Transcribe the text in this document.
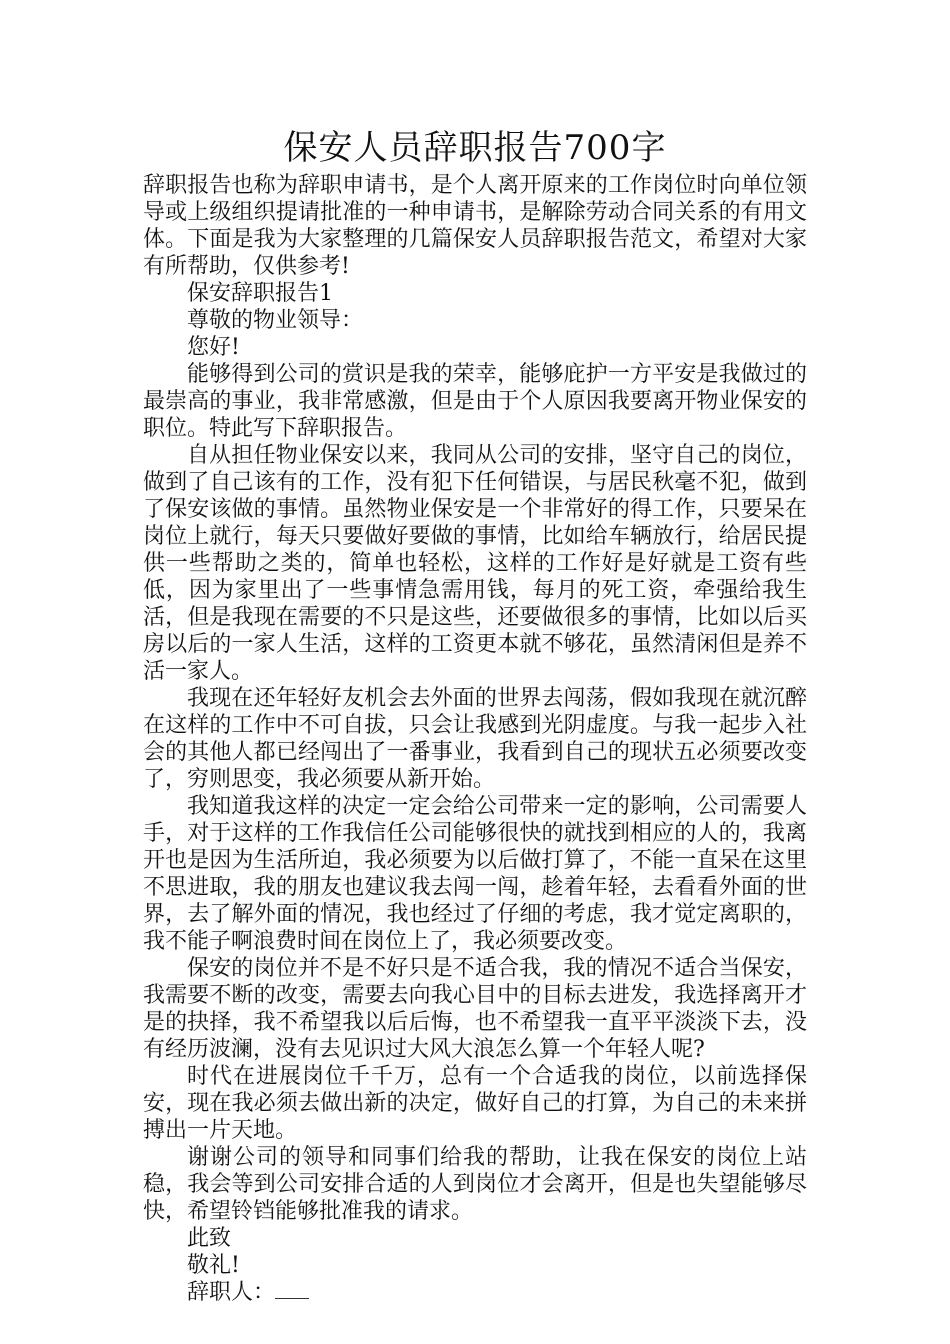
保安人员辞职报告700字

辞职报告也称为辞职申请书，是个人离开原来的工作岗位时向单位领导或上级组织提请批准的一种申请书，是解除劳动合同关系的有用文体。下面是我为大家整理的几篇保安人员辞职报告范文，希望对大家有所帮助，仅供参考!

保安辞职报告1

尊敬的物业领导：

您好!

能够得到公司的赏识是我的荣幸，能够庇护一方平安是我做过的最崇高的事业，我非常感激，但是由于个人原因我要离开物业保安的职位。特此写下辞职报告。

自从担任物业保安以来，我同从公司的安排，坚守自己的岗位，做到了自己该有的工作，没有犯下任何错误，与居民秋毫不犯，做到了保安该做的事情。虽然物业保安是一个非常好的得工作，只要呆在岗位上就行，每天只要做好要做的事情，比如给车辆放行，给居民提供一些帮助之类的，简单也轻松，这样的工作好是好就是工资有些低，因为家里出了一些事情急需用钱，每月的死工资，牵强给我生活，但是我现在需要的不只是这些，还要做很多的事情，比如以后买房以后的一家人生活，这样的工资更本就不够花，虽然清闲但是养不活一家人。

我现在还年轻好友机会去外面的世界去闯荡，假如我现在就沉醉在这样的工作中不可自拔，只会让我感到光阴虚度。与我一起步入社会的其他人都已经闯出了一番事业，我看到自己的现状五必须要改变了，穷则思变，我必须要从新开始。

我知道我这样的决定一定会给公司带来一定的影响，公司需要人手，对于这样的工作我信任公司能够很快的就找到相应的人的，我离开也是因为生活所迫，我必须要为以后做打算了，不能一直呆在这里不思进取，我的朋友也建议我去闯一闯，趁着年轻，去看看外面的世界，去了解外面的情况，我也经过了仔细的考虑，我才觉定离职的，我不能子啊浪费时间在岗位上了，我必须要改变。

保安的岗位并不是不好只是不适合我，我的情况不适合当保安，我需要不断的改变，需要去向我心目中的目标去进发，我选择离开才是的抉择，我不希望我以后后悔，也不希望我一直平平淡淡下去，没有经历波澜，没有去见识过大风大浪怎么算一个年轻人呢?

时代在进展岗位千千万，总有一个合适我的岗位，以前选择保安，现在我必须去做出新的决定，做好自己的打算，为自己的未来拼搏出一片天地。

谢谢公司的领导和同事们给我的帮助，让我在保安的岗位上站稳，我会等到公司安排合适的人到岗位才会离开，但是也失望能够尽快，希望铃铛能够批准我的请求。

此致

敬礼!

辞职人：
